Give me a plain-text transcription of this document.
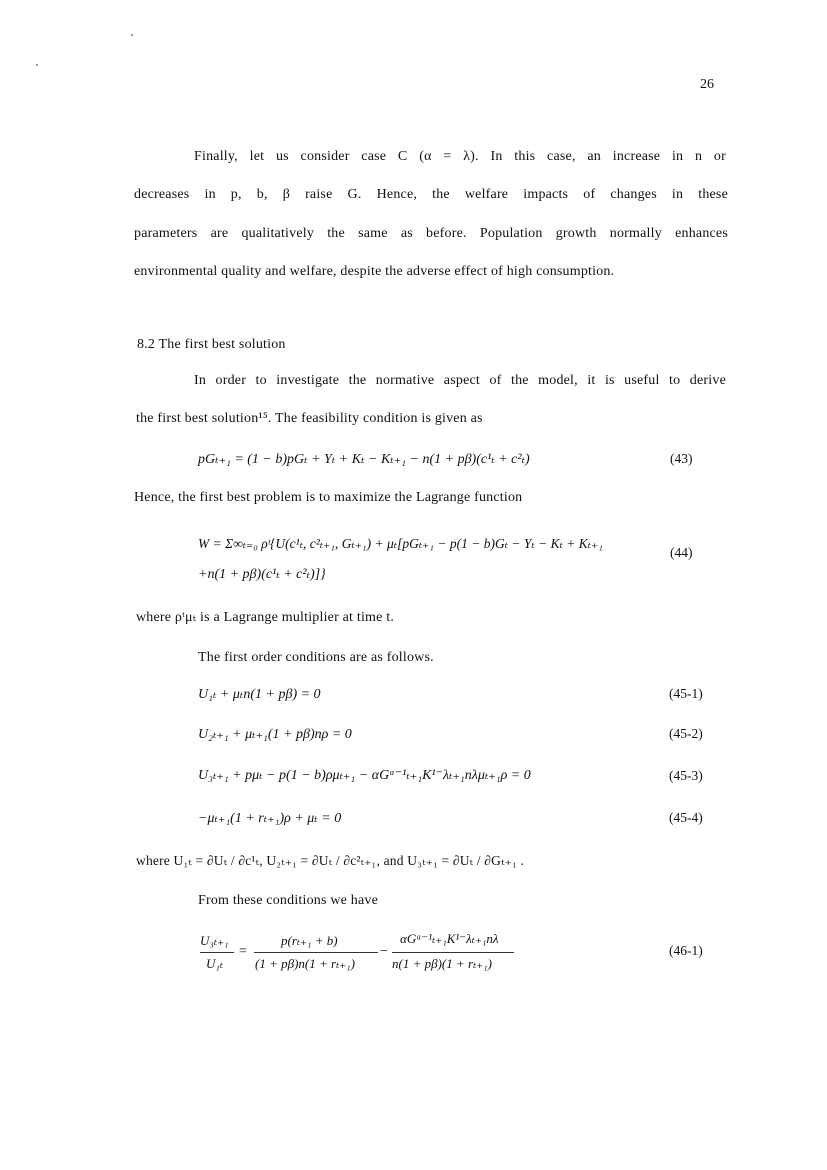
26
Finally, let us consider case C (α = λ). In this case, an increase in n or
decreases in p, b, β raise G. Hence, the welfare impacts of changes in these
parameters are qualitatively the same as before. Population growth normally enhances
environmental quality and welfare, despite the adverse effect of high consumption.
8.2 The first best solution
In order to investigate the normative aspect of the model, it is useful to derive
the first best solution¹⁵. The feasibility condition is given as
pGₜ₊₁ = (1 − b)pGₜ + Yₜ + Kₜ − Kₜ₊₁ − n(1 + pβ)(c¹ₜ + c²ₜ)	(43)
Hence, the first best problem is to maximize the Lagrange function
W = Σ∞ₜ₌₀ ρᵗ{U(c¹ₜ, c²ₜ₊₁, Gₜ₊₁) + μₜ[pGₜ₊₁ − p(1 − b)Gₜ − Yₜ − Kₜ + Kₜ₊₁
+n(1 + pβ)(c¹ₜ + c²ₜ)]}
(44)
where ρᵗμₜ is a Lagrange multiplier at time t.
The first order conditions are as follows.
U₁ₜ + μₜn(1 + pβ) = 0	(45-1)
U₂ₜ₊₁ + μₜ₊₁(1 + pβ)nρ = 0	(45-2)
U₃ₜ₊₁ + pμₜ − p(1 − b)ρμₜ₊₁ − αGᵅ⁻¹ₜ₊₁K¹⁻λₜ₊₁nλμₜ₊₁ρ = 0	(45-3)
−μₜ₊₁(1 + rₜ₊₁)ρ + μₜ = 0	(45-4)
where U₁ₜ = ∂Uₜ / ∂c¹ₜ, U₂ₜ₊₁ = ∂Uₜ / ∂c²ₜ₊₁, and U₃ₜ₊₁ = ∂Uₜ / ∂Gₜ₊₁ .
From these conditions we have
U₃ₜ₊₁
U₁ₜ
=
p(rₜ₊₁ + b)
(1 + pβ)n(1 + rₜ₊₁)
−
αGᵅ⁻¹ₜ₊₁K¹⁻λₜ₊₁nλ
n(1 + pβ)(1 + rₜ₊₁)
(46-1)
